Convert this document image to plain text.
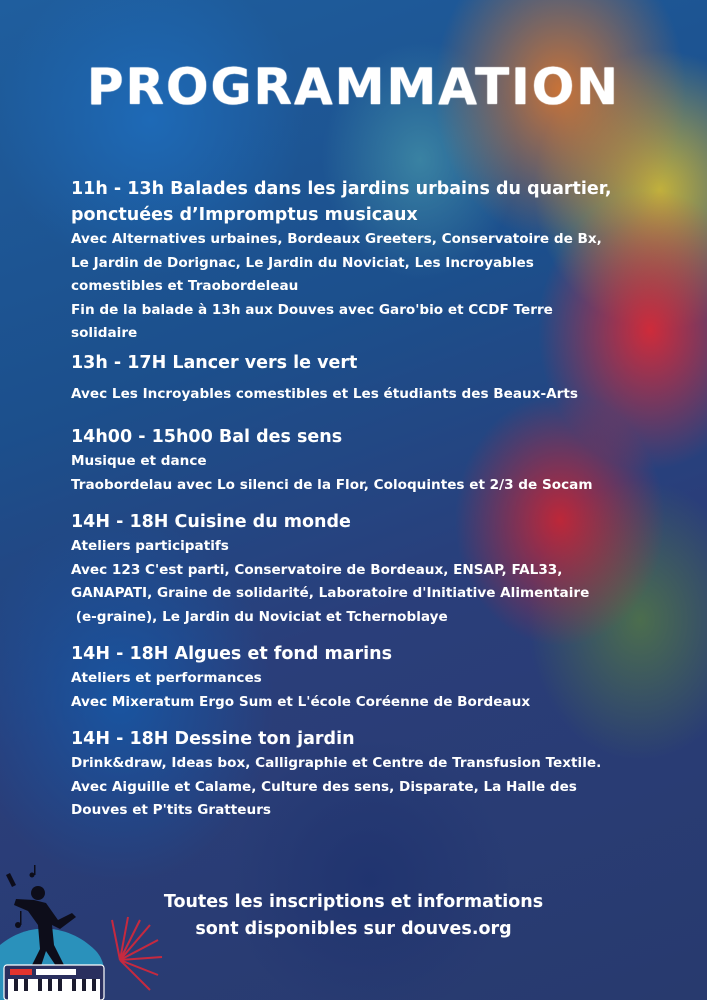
PROGRAMMATION

11h - 13h Balades dans les jardins urbains du quartier,

ponctuées d’Impromptus musicaux

Avec Alternatives urbaines, Bordeaux Greeters, Conservatoire de Bx,

Le Jardin de Dorignac, Le Jardin du Noviciat, Les Incroyables

comestibles et Traobordeleau

Fin de la balade à 13h aux Douves avec Garo'bio et CCDF Terre

solidaire

13h - 17H Lancer vers le vert

Avec Les Incroyables comestibles et Les étudiants des Beaux-Arts

14h00 - 15h00 Bal des sens

Musique et dance

Traobordelau avec Lo silenci de la Flor, Coloquintes et 2/3 de Socam

14H - 18H Cuisine du monde

Ateliers participatifs

Avec 123 C'est parti, Conservatoire de Bordeaux, ENSAP, FAL33,

GANAPATI, Graine de solidarité, Laboratoire d'Initiative Alimentaire

(e-graine), Le Jardin du Noviciat et Tchernoblaye

14H - 18H Algues et fond marins

Ateliers et performances

Avec Mixeratum Ergo Sum et L'école Coréenne de Bordeaux

14H - 18H Dessine ton jardin

Drink&draw, Ideas box, Calligraphie et Centre de Transfusion Textile.

Avec Aiguille et Calame, Culture des sens, Disparate, La Halle des

Douves et P'tits Gratteurs

Toutes les inscriptions et informations
sont disponibles sur douves.org
